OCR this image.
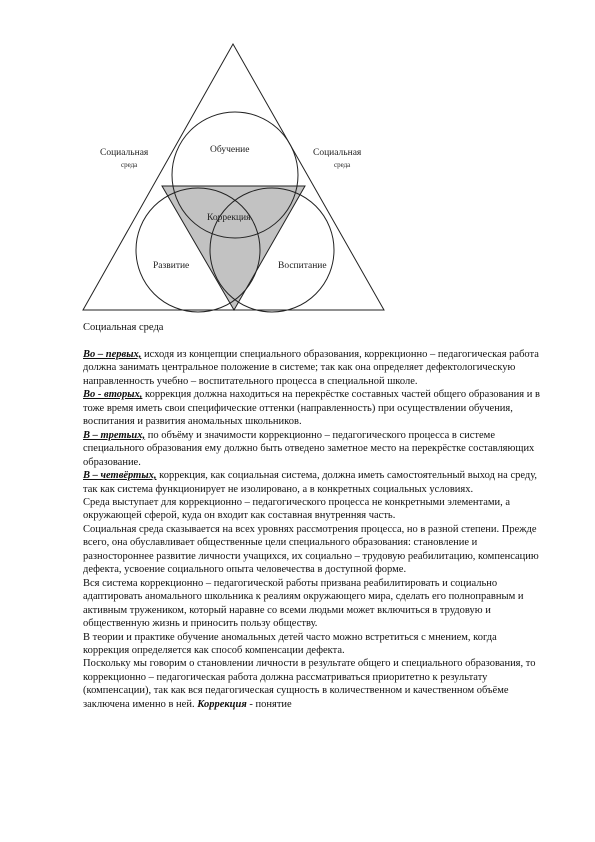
Социальная
среда
Социальная
среда
Обучение
Коррекция
Развитие	Воспитание
Социальная среда

Во – первых, исходя из концепции специального образования, коррекционно – педагогическая работа должна занимать центральное положение в системе; так как она определяет дефектологическую направленность учебно – воспитательного процесса в специальной школе.

Во - вторых, коррекция должна находиться на перекрёстке составных частей общего образования и в тоже время иметь свои специфические оттенки (направленность) при осуществлении обучения, воспитания и развития аномальных школьников.

В – третьих, по объёму и значимости коррекционно – педагогического процесса в системе специального образования ему должно быть отведено заметное место на перекрёстке составляющих образование.

В – четвёртых, коррекция, как социальная система, должна иметь самостоятельный выход на среду, так как система функционирует не изолировано, а в конкретных социальных условиях.

Среда выступает для коррекционно – педагогического процесса не конкретными элементами, а окружающей сферой, куда он входит как составная внутренняя часть.

Социальная среда сказывается на всех уровнях рассмотрения процесса, но в разной степени. Прежде всего, она обуславливает общественные цели специального образования: становление и разностороннее развитие личности учащихся, их социально – трудовую реабилитацию, компенсацию дефекта, усвоение социального опыта человечества в доступной форме.

Вся система коррекционно – педагогической работы призвана реабилитировать и социально адаптировать аномального школьника к реалиям окружающего мира, сделать его полноправным и активным тружеником, который наравне со всеми людьми может включиться в трудовую и общественную жизнь и приносить пользу обществу.

В теории и практике обучение аномальных детей часто можно встретиться с мнением, когда коррекция определяется как способ компенсации дефекта.

Поскольку мы говорим о становлении личности в результате общего и специального образования, то коррекционно – педагогическая работа должна рассматриваться приоритетно к результату (компенсации), так как вся педагогическая сущность в количественном и качественном объёме заключена именно в ней. Коррекция - понятие
